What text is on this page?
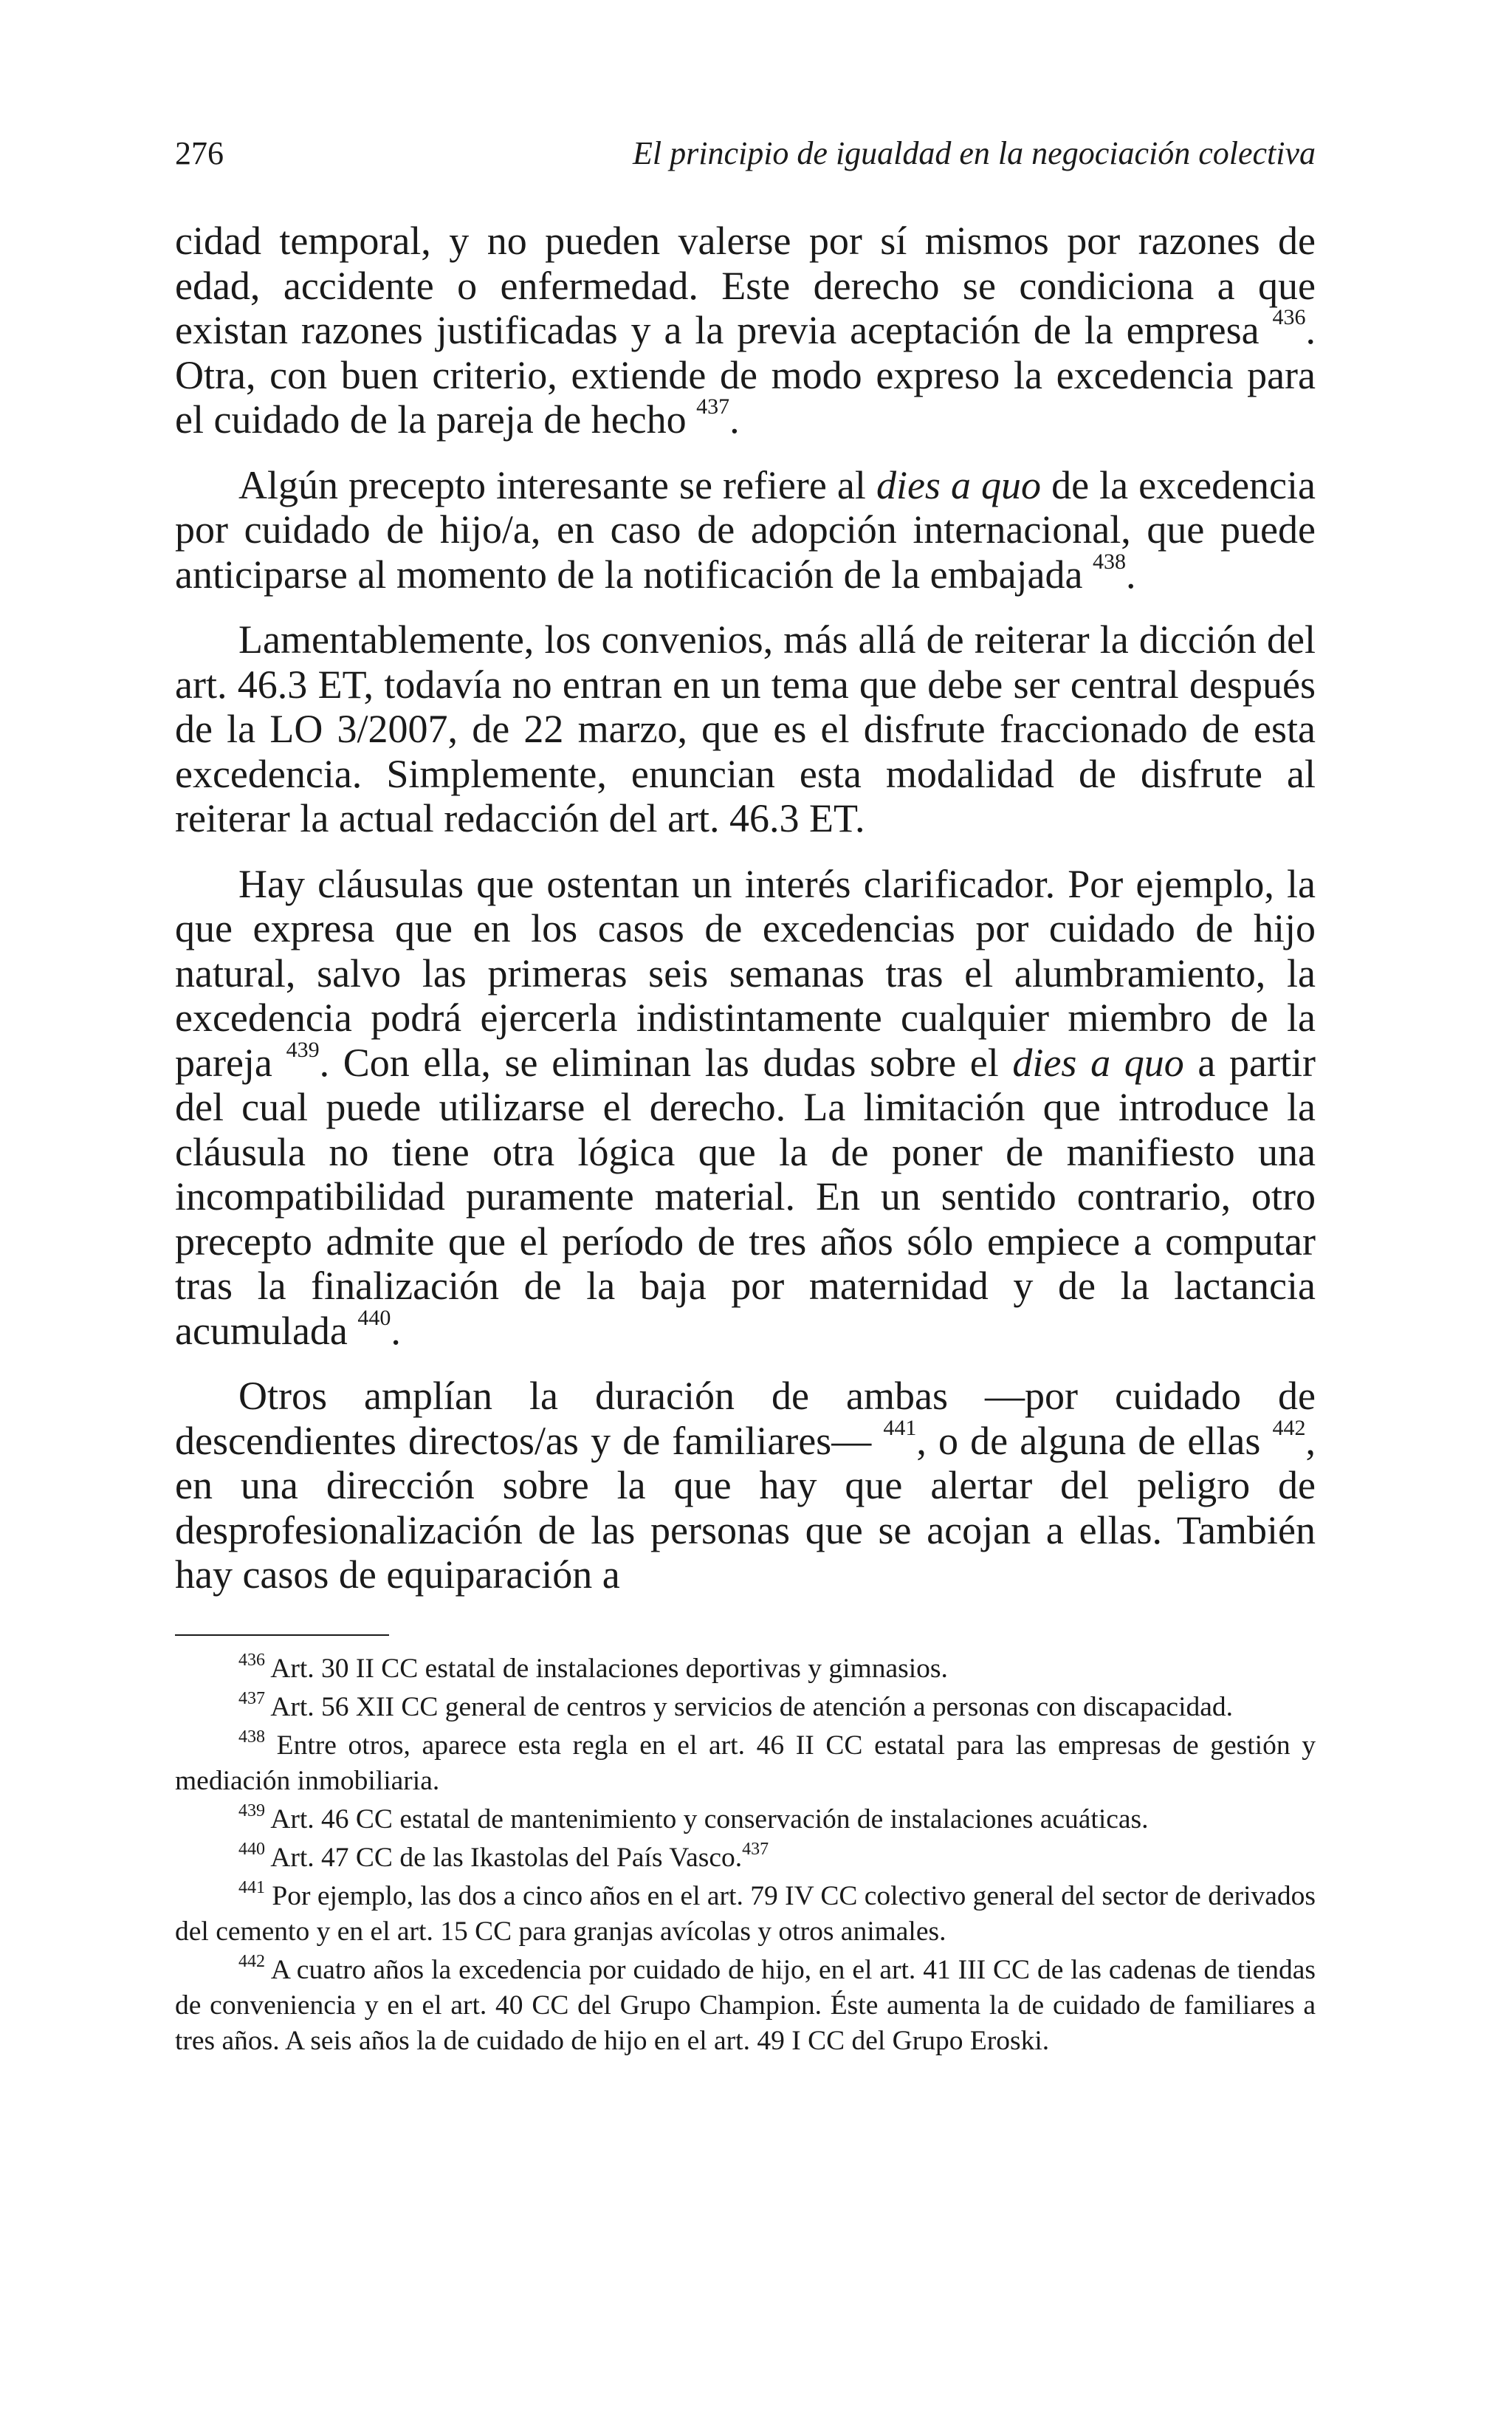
276	El principio de igualdad en la negociación colectiva

cidad temporal, y no pueden valerse por sí mismos por razones de edad, accidente o enfermedad. Este derecho se condiciona a que existan razones justificadas y a la previa aceptación de la empresa $^{436}$. Otra, con buen criterio, extiende de modo expreso la excedencia para el cuidado de la pareja de hecho $^{437}$.

Algún precepto interesante se refiere al dies a quo de la excedencia por cuidado de hijo/a, en caso de adopción internacional, que puede anticiparse al momento de la notificación de la embajada $^{438}$.

Lamentablemente, los convenios, más allá de reiterar la dicción del art. 46.3 ET, todavía no entran en un tema que debe ser central después de la LO 3/2007, de 22 marzo, que es el disfrute fraccionado de esta excedencia. Simplemente, enuncian esta modalidad de disfrute al reiterar la actual redacción del art. 46.3 ET.

Hay cláusulas que ostentan un interés clarificador. Por ejemplo, la que expresa que en los casos de excedencias por cuidado de hijo natural, salvo las primeras seis semanas tras el alumbramiento, la excedencia podrá ejercerla indistintamente cualquier miembro de la pareja $^{439}$. Con ella, se eliminan las dudas sobre el dies a quo a partir del cual puede utilizarse el derecho. La limitación que introduce la cláusula no tiene otra lógica que la de poner de manifiesto una incompatibilidad puramente material. En un sentido contrario, otro precepto admite que el período de tres años sólo empiece a computar tras la finalización de la baja por maternidad y de la lactancia acumulada $^{440}$.

Otros amplían la duración de ambas —por cuidado de descendientes directos/as y de familiares— $^{441}$, o de alguna de ellas $^{442}$, en una dirección sobre la que hay que alertar del peligro de desprofesionalización de las personas que se acojan a ellas. También hay casos de equiparación a

$^{436}$ Art. 30 II CC estatal de instalaciones deportivas y gimnasios.

$^{437}$ Art. 56 XII CC general de centros y servicios de atención a personas con discapacidad.

$^{438}$ Entre otros, aparece esta regla en el art. 46 II CC estatal para las empresas de gestión y mediación inmobiliaria.

$^{439}$ Art. 46 CC estatal de mantenimiento y conservación de instalaciones acuáticas.

$^{440}$ Art. 47 CC de las Ikastolas del País Vasco.$^{437}$

$^{441}$ Por ejemplo, las dos a cinco años en el art. 79 IV CC colectivo general del sector de derivados del cemento y en el art. 15 CC para granjas avícolas y otros animales.

$^{442}$ A cuatro años la excedencia por cuidado de hijo, en el art. 41 III CC de las cadenas de tiendas de conveniencia y en el art. 40 CC del Grupo Champion. Éste aumenta la de cuidado de familiares a tres años. A seis años la de cuidado de hijo en el art. 49 I CC del Grupo Eroski.
